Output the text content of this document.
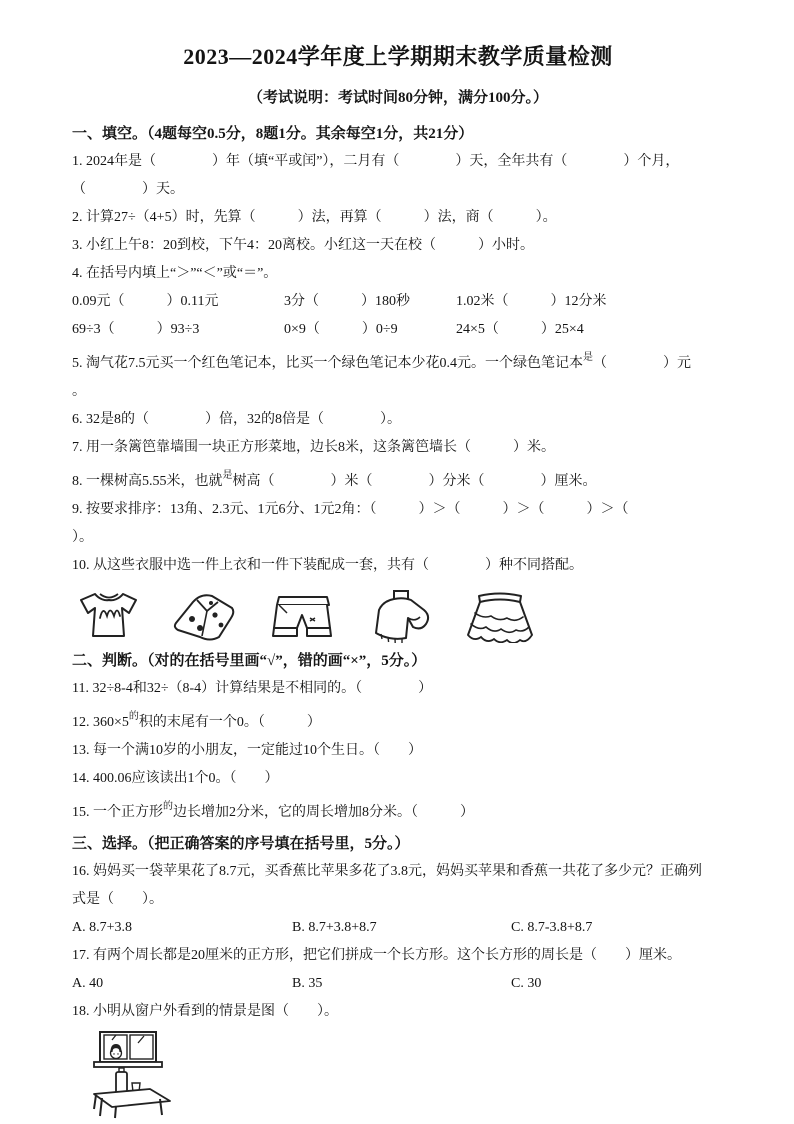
2023—2024学年度上学期期末教学质量检测
（考试说明：考试时间80分钟，满分100分。）
一、填空。（4题每空0.5分，8题1分。其余每空1分，共21分）
1. 2024年是（　　　　）年（填“平或闰”），二月有（　　　　）天，全年共有（　　　　）个月，
（　　　　）天。
2. 计算27÷（4+5）时，先算（　　　）法，再算（　　　）法，商（　　　）。
3. 小红上午8：20到校，下午4：20离校。小红这一天在校（　　　）小时。
4. 在括号内填上“＞”“＜”或“＝”。
0.09元（　　　）0.11元	3分（　　　）180秒	1.02米（　　　）12分米
69÷3（　　　）93÷3	0×9（　　　）0÷9	24×5（　　　）25×4
5. 淘气花7.5元买一个红色笔记本，比买一个绿色笔记本少花0.4元。一个绿色笔记本$^是$（　　　　）元
。
6. 32是8的（　　　　）倍，32的8倍是（　　　　）。
7. 用一条篱笆靠墙围一块正方形菜地，边长8米，这条篱笆墙长（　　　）米。
8. 一棵树高5.55米，也就$^是$树高（　　　　）米（　　　　）分米（　　　　）厘米。
9. 按要求排序：13角、2.3元、1元6分、1元2角：（　　　）＞（　　　）＞（　　　）＞（
）。
10. 从这些衣服中选一件上衣和一件下装配成一套，共有（　　　　）种不同搭配。
二、判断。（对的在括号里画“√”，错的画“×”，5分。）
11. 32÷8-4和32÷（8-4）计算结果是不相同的。（　　　　）
12. $360\times 5^的$积的末尾有一个0。（　　　）
13. 每一个满10岁的小朋友，一定能过10个生日。（　　）
14. 400.06应该读出1个0。（　　）
15. 一个正方形$^的$边长增加2分米，它的周长增加8分米。（　　　）
三、选择。（把正确答案的序号填在括号里，5分。）
16. 妈妈买一袋苹果花了8.7元，买香蕉比苹果多花了3.8元，妈妈买苹果和香蕉一共花了多少元？正确列
式是（　　）。
A. 8.7+3.8	B. 8.7+3.8+8.7	C. 8.7-3.8+8.7
17. 有两个周长都是20厘米的正方形，把它们拼成一个长方形。这个长方形的周长是（　　）厘米。
A. 40	B. 35	C. 30
18. 小明从窗户外看到的情景是图（　　）。
